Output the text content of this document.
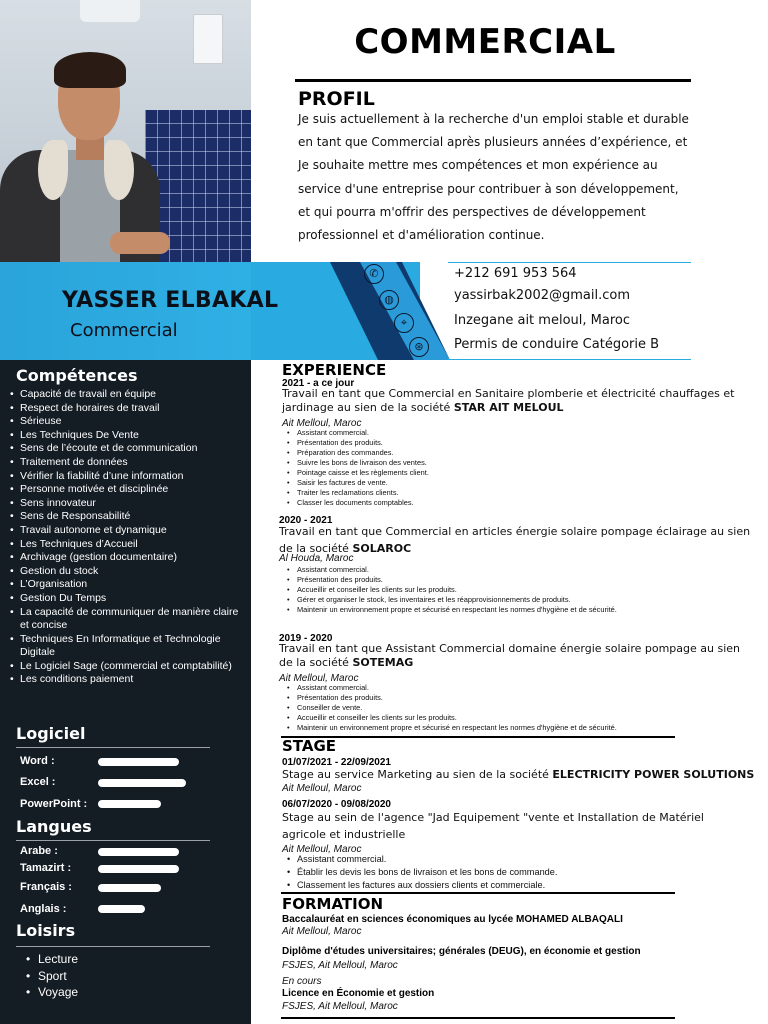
COMMERCIAL
PROFIL
Je suis actuellement à la recherche d'un emploi stable et durable en tant que Commercial après plusieurs années d’expérience, et Je souhaite mettre mes compétences et mon expérience au service d'une entreprise pour contribuer à son développement, et qui pourra m'offrir des perspectives de développement professionnel et d'amélioration continue.
YASSER ELBAKAL
Commercial
✆
◍
⌖
⊛
+212 691 953 564
yassirbak2002@gmail.com
Inzegane ait meloul, Maroc
Permis de conduire Catégorie B
Compétences
• Capacité de travail en équipe
• Respect de horaires de travail
• Sérieuse
• Les Techniques De Vente
• Sens de l’écoute et de communication
• Traitement de données
• Vérifier la fiabilité d’une information
• Personne motivée et disciplinée
• Sens innovateur
• Sens de Responsabilité
• Travail autonome et dynamique
• Les Techniques d’Accueil
• Archivage (gestion documentaire)
• Gestion du stock
• L’Organisation
• Gestion Du Temps
• La capacité de communiquer de manière claire et concise
• Techniques En Informatique et Technologie Digitale
• Le Logiciel Sage (commercial et comptabilité)
• Les conditions paiement
Logiciel
Word :
Excel :
PowerPoint :
Langues
Arabe :
Tamazirt :
Français :
Anglais :
Loisirs
• Lecture
• Sport
• Voyage
EXPERIENCE
2021 - a ce jour
Travail en tant que Commercial en Sanitaire plomberie et électricité chauffages et jardinage au sien de la société STAR AIT MELOUL
Ait Melloul, Maroc
• Assistant commercial.
• Présentation des produits.
• Préparation des commandes.
• Suivre les bons de livraison des ventes.
• Pointage caisse et les règlements client.
• Saisir les factures de vente.
• Traiter les reclamations clients.
• Classer les documents comptables.
2020 - 2021
Travail en tant que Commercial en articles énergie solaire pompage éclairage au sien de la société SOLAROC
Al Houda, Maroc
• Assistant commercial.
• Présentation des produits.
• Accueillir et conseiller les clients sur les produits.
• Gérer et organiser le stock, les inventaires et les réapprovisionnements de produits.
• Maintenir un environnement propre et sécurisé en respectant les normes d'hygiène et de sécurité.
2019 - 2020
Travail en tant que Assistant Commercial domaine énergie solaire pompage au sien de la société SOTEMAG
Ait Melloul, Maroc
• Assistant commercial.
• Présentation des produits.
• Conseiller de vente.
• Accueillir et conseiller les clients sur les produits.
• Maintenir un environnement propre et sécurisé en respectant les normes d'hygiène et de sécurité.
STAGE
01/07/2021 - 22/09/2021
Stage au service Marketing au sien de la société ELECTRICITY POWER SOLUTIONS
Ait Melloul, Maroc
06/07/2020 - 09/08/2020
Stage au sein de l'agence "Jad Equipement "vente et Installation de Matériel agricole et industrielle
Ait Melloul, Maroc
• Assistant commercial.
• Établir les devis les bons de livraison et les bons de commande.
• Classement les factures aux dossiers clients et commerciale.
FORMATION
Baccalauréat en sciences économiques au lycée MOHAMED ALBAQALI
Ait Melloul, Maroc
Diplôme d'études universitaires; générales (DEUG), en économie et gestion
FSJES, Ait Melloul, Maroc
En cours
Licence en Économie et gestion
FSJES, Ait Melloul, Maroc
